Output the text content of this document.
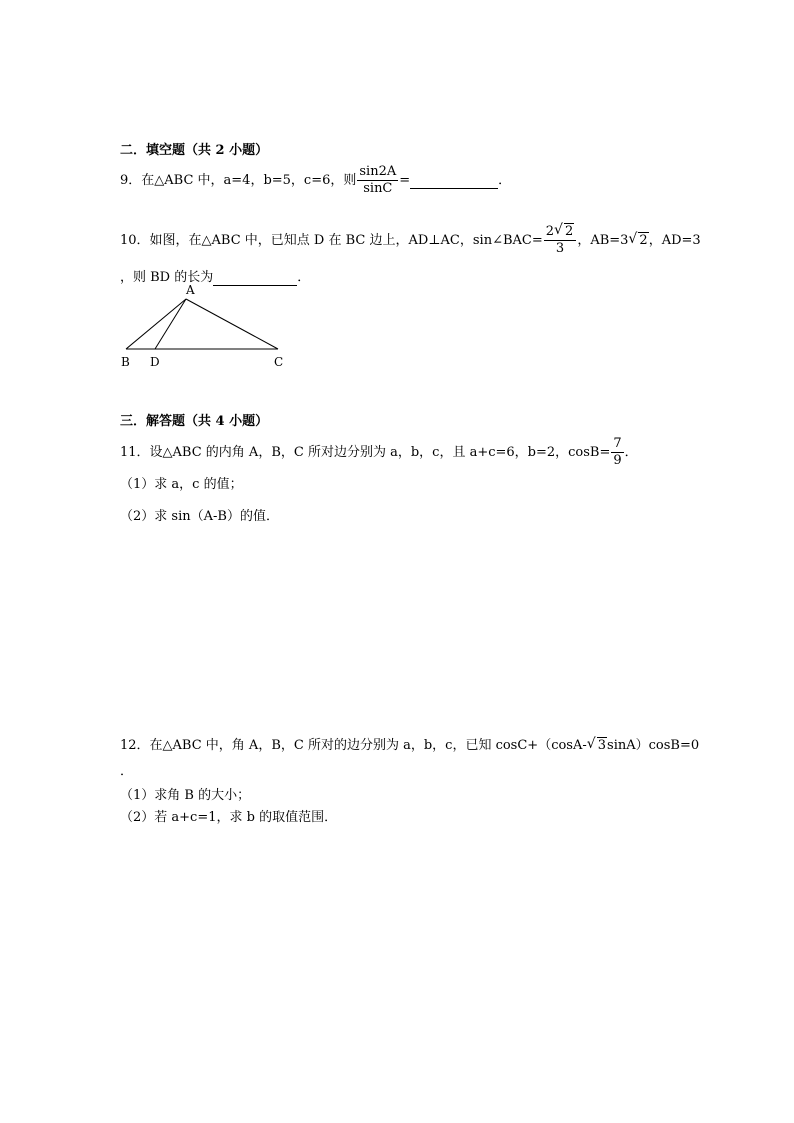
二．填空题（共 2 小题）
9．在△ABC 中，a=4，b=5，c=6，则 $\frac{\sin 2A}{\sin C}$ =	．
10．如图，在△ABC 中，已知点 D 在 BC 边上，AD⊥AC，sin∠BAC= $\frac{2 √ 2}{3}$ ，AB=3 √ 2，AD=3
，则 BD 的长为	．
A
B D	C
三．解答题（共 4 小题）
11．设△ABC 的内角 A，B，C 所对边分别为 a，b，c，且 a+c=6，b=2，$\cos B= \frac{7}{9}$ ．
（1）求 a，c 的值；
（2）求 sin（A-B）的值．
12．在△ABC 中，角 A，B，C 所对的边分别为 a，b，c，已知 cosC+（cosA- √ 3sinA）cosB=0
．
（1）求角 B 的大小；
（2）若 a+c=1，求 b 的取值范围．
